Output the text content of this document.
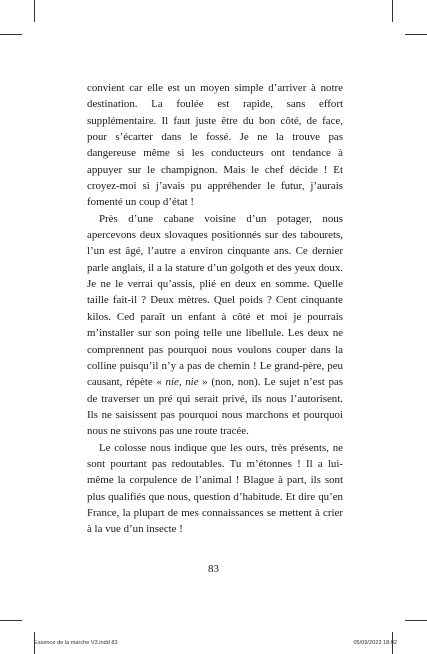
convient car elle est un moyen simple d’arriver à notre destination. La foulée est rapide, sans effort supplémentaire. Il faut juste être du bon côté, de face, pour s’écarter dans le fossé. Je ne la trouve pas dangereuse même si les conducteurs ont tendance à appuyer sur le champignon. Mais le chef décide ! Et croyez-moi si j’avais pu appréhender le futur, j’aurais fomenté un coup d’état !

Près d’une cabane voisine d’un potager, nous apercevons deux slovaques positionnés sur des tabourets, l’un est âgé, l’autre a environ cinquante ans. Ce dernier parle anglais, il a la stature d’un golgoth et des yeux doux. Je ne le verrai qu’assis, plié en deux en somme. Quelle taille fait-il ? Deux mètres. Quel poids ? Cent cinquante kilos. Ced paraît un enfant à côté et moi je pourrais m’installer sur son poing telle une libellule. Les deux ne comprennent pas pourquoi nous voulons couper dans la colline puisqu’il n’y a pas de chemin ! Le grand-père, peu causant, répète « nie, nie » (non, non). Le sujet n’est pas de traverser un pré qui serait privé, ils nous l’autorisent. Ils ne saisissent pas pourquoi nous marchons et pourquoi nous ne suivons pas une route tracée.

Le colosse nous indique que les ours, très présents, ne sont pourtant pas redoutables. Tu m’étonnes ! Il a lui-même la corpulence de l’animal ! Blague à part, ils sont plus qualifiés que nous, question d’habitude. Et dire qu’en France, la plupart de mes connaissances se mettent à crier à la vue d’un insecte !

83
Essence de la marche V3.indd 83	05/09/2023 18:02
